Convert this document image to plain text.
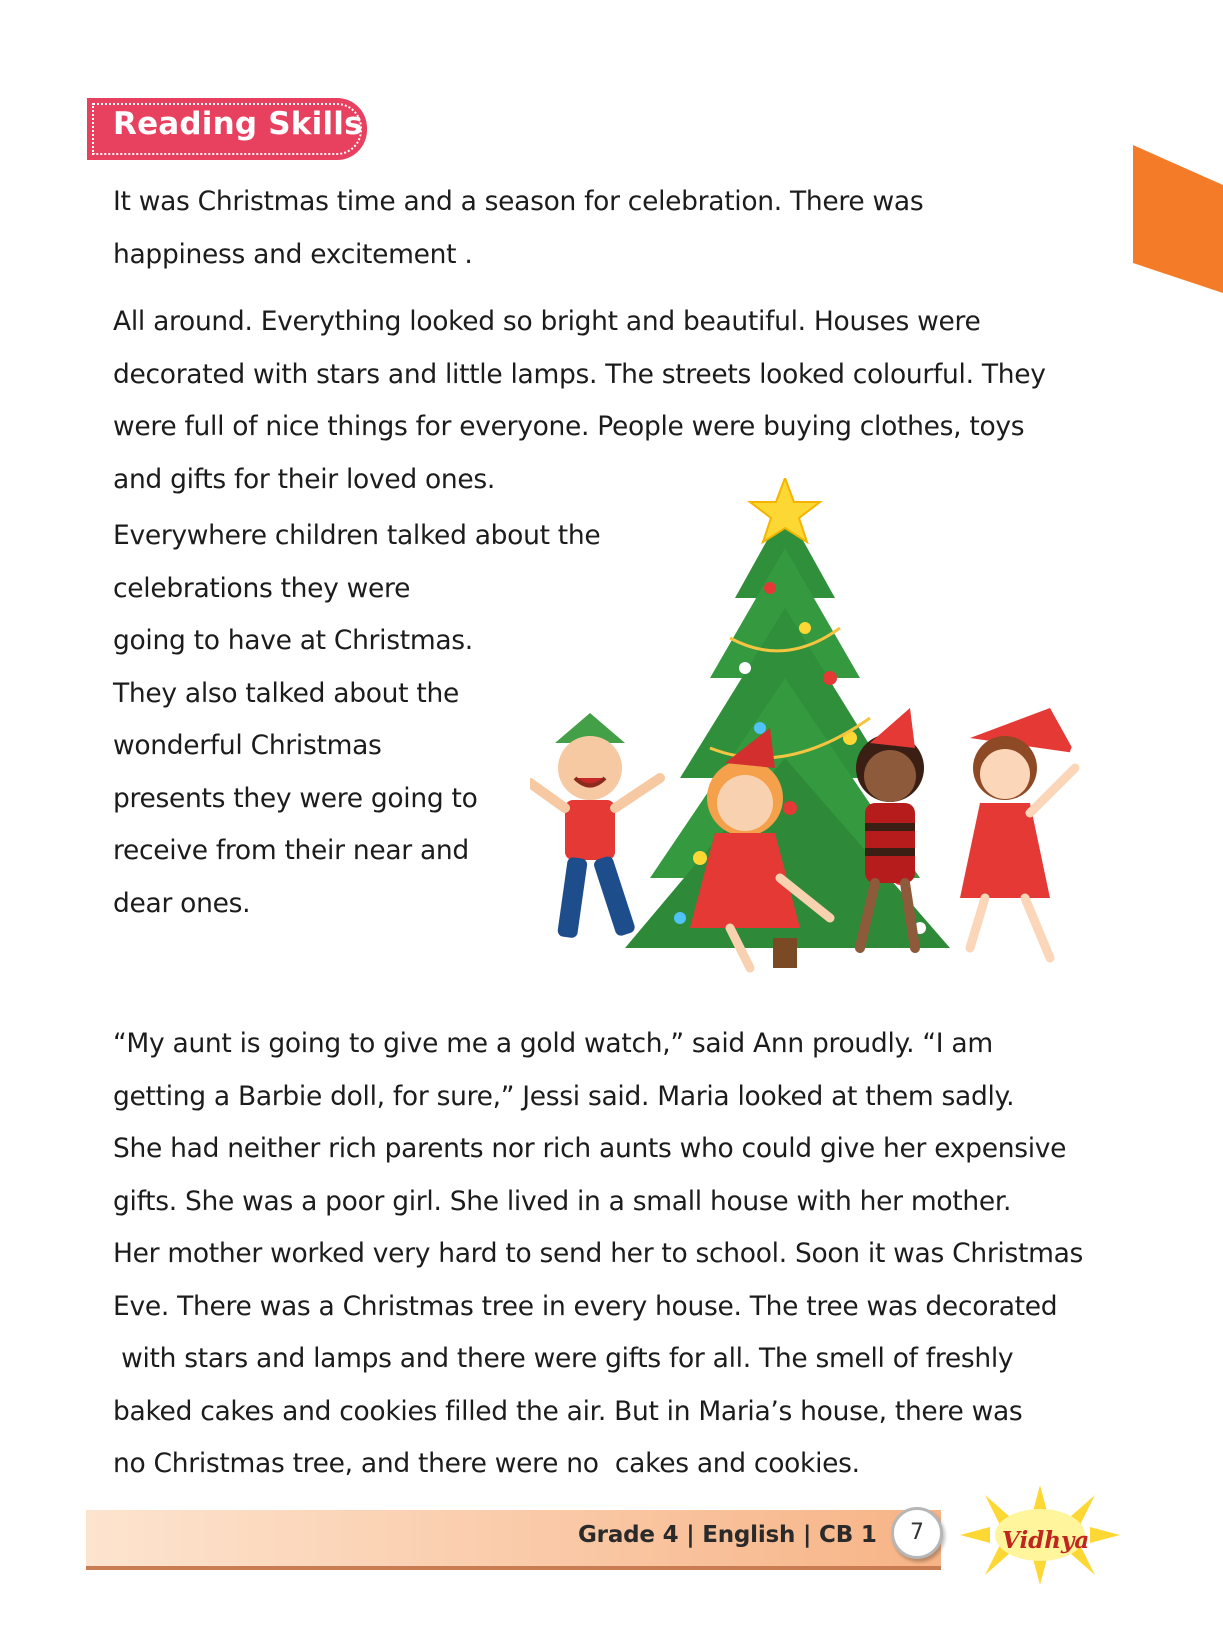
Reading Skills
It was Christmas time and a season for celebration. There was
happiness and excitement .
All around. Everything looked so bright and beautiful. Houses were
decorated with stars and little lamps. The streets looked colourful. They
were full of nice things for everyone. People were buying clothes, toys
and gifts for their loved ones.
Everywhere children talked about the
celebrations they were
going to have at Christmas.
They also talked about the
wonderful Christmas
presents they were going to
receive from their near and
dear ones.
“My aunt is going to give me a gold watch,” said Ann proudly. “I am
getting a Barbie doll, for sure,” Jessi said. Maria looked at them sadly.
She had neither rich parents nor rich aunts who could give her expensive
gifts. She was a poor girl. She lived in a small house with her mother.
Her mother worked very hard to send her to school. Soon it was Christmas
Eve. There was a Christmas tree in every house. The tree was decorated
with stars and lamps and there were gifts for all. The smell of freshly
baked cakes and cookies filled the air. But in Maria’s house, there was
no Christmas tree, and there were no  cakes and cookies.
Grade 4 | English | CB 1	7	Vidhya
